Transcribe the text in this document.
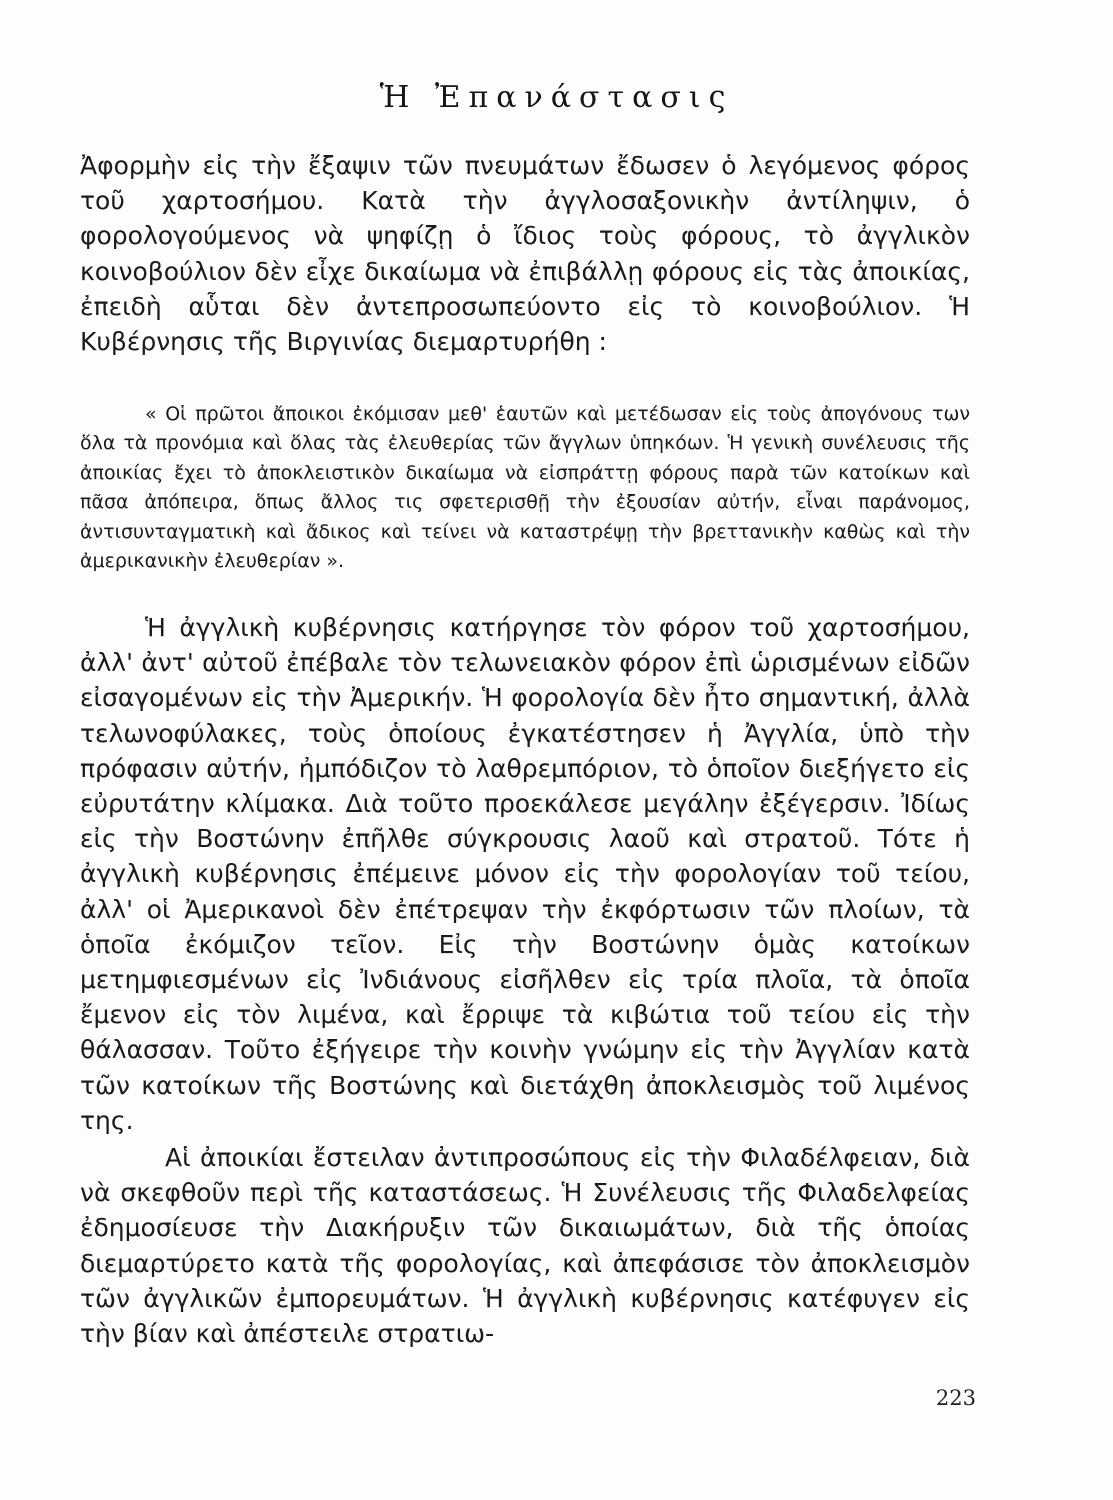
Ἡ Ἐπανάστασις
Ἀφορμὴν εἰς τὴν ἔξαψιν τῶν πνευμάτων ἔδωσεν ὁ λεγόμενος φόρος τοῦ χαρτοσήμου. Κατὰ τὴν ἀγγλοσαξονικὴν ἀντίληψιν, ὁ φορολογούμενος νὰ ψηφίζῃ ὁ ἴδιος τοὺς φόρους, τὸ ἀγγλικὸν κοινοβούλιον δὲν εἶχε δικαίωμα νὰ ἐπιβάλλῃ φόρους εἰς τὰς ἀποικίας, ἐπειδὴ αὗται δὲν ἀντεπροσωπεύοντο εἰς τὸ κοινοβούλιον. Ἡ Κυβέρνησις τῆς Βιργινίας διεμαρτυρήθη :
« Οἱ πρῶτοι ἄποικοι ἐκόμισαν μεθ' ἑαυτῶν καὶ μετέδωσαν εἰς τοὺς ἀπογόνους των ὅλα τὰ προνόμια καὶ ὅλας τὰς ἐλευθερίας τῶν ἄγγλων ὑπηκόων. Ἡ γενικὴ συνέλευσις τῆς ἀποικίας ἔχει τὸ ἀποκλειστικὸν δικαίωμα νὰ εἰσπράττῃ φόρους παρὰ τῶν κατοίκων καὶ πᾶσα ἀπόπειρα, ὅπως ἄλλος τις σφετερισθῇ τὴν ἐξουσίαν αὐτήν, εἶναι παράνομος, ἀντισυνταγματικὴ καὶ ἄδικος καὶ τείνει νὰ καταστρέψῃ τὴν βρεττανικὴν καθὼς καὶ τὴν ἀμερικανικὴν ἐλευθερίαν ».
Ἡ ἀγγλικὴ κυβέρνησις κατήργησε τὸν φόρον τοῦ χαρτοσήμου, ἀλλ' ἀντ' αὐτοῦ ἐπέβαλε τὸν τελωνειακὸν φόρον ἐπὶ ὡρισμένων εἰδῶν εἰσαγομένων εἰς τὴν Ἀμερικήν. Ἡ φορολογία δὲν ἦτο σημαντική, ἀλλὰ τελωνοφύλακες, τοὺς ὁποίους ἐγκατέστησεν ἡ Ἀγγλία, ὑπὸ τὴν πρόφασιν αὐτήν, ἠμπόδιζον τὸ λαθρεμπόριον, τὸ ὁποῖον διεξήγετο εἰς εὐρυτάτην κλίμακα. Διὰ τοῦτο προεκάλεσε μεγάλην ἐξέγερσιν. Ἰδίως εἰς τὴν Βοστώνην ἐπῆλθε σύγκρουσις λαοῦ καὶ στρατοῦ. Τότε ἡ ἀγγλικὴ κυβέρνησις ἐπέμεινε μόνον εἰς τὴν φορολογίαν τοῦ τείου, ἀλλ' οἱ Ἀμερικανοὶ δὲν ἐπέτρεψαν τὴν ἐκφόρτωσιν τῶν πλοίων, τὰ ὁποῖα ἐκόμιζον τεῖον. Εἰς τὴν Βοστώνην ὁμὰς κατοίκων μετημφιεσμένων εἰς Ἰνδιάνους εἰσῆλθεν εἰς τρία πλοῖα, τὰ ὁποῖα ἔμενον εἰς τὸν λιμένα, καὶ ἔρριψε τὰ κιβώτια τοῦ τείου εἰς τὴν θάλασσαν. Τοῦτο ἐξήγειρε τὴν κοινὴν γνώμην εἰς τὴν Ἀγγλίαν κατὰ τῶν κατοίκων τῆς Βοστώνης καὶ διετάχθη ἀποκλεισμὸς τοῦ λιμένος της.
Αἱ ἀποικίαι ἔστειλαν ἀντιπροσώπους εἰς τὴν Φιλαδέλφειαν, διὰ νὰ σκεφθοῦν περὶ τῆς καταστάσεως. Ἡ Συνέλευσις τῆς Φιλαδελφείας ἐδημοσίευσε τὴν Διακήρυξιν τῶν δικαιωμάτων, διὰ τῆς ὁποίας διεμαρτύρετο κατὰ τῆς φορολογίας, καὶ ἀπεφάσισε τὸν ἀποκλεισμὸν τῶν ἀγγλικῶν ἐμπορευμάτων. Ἡ ἀγγλικὴ κυβέρνησις κατέφυγεν εἰς τὴν βίαν καὶ ἀπέστειλε στρατιω-
223
